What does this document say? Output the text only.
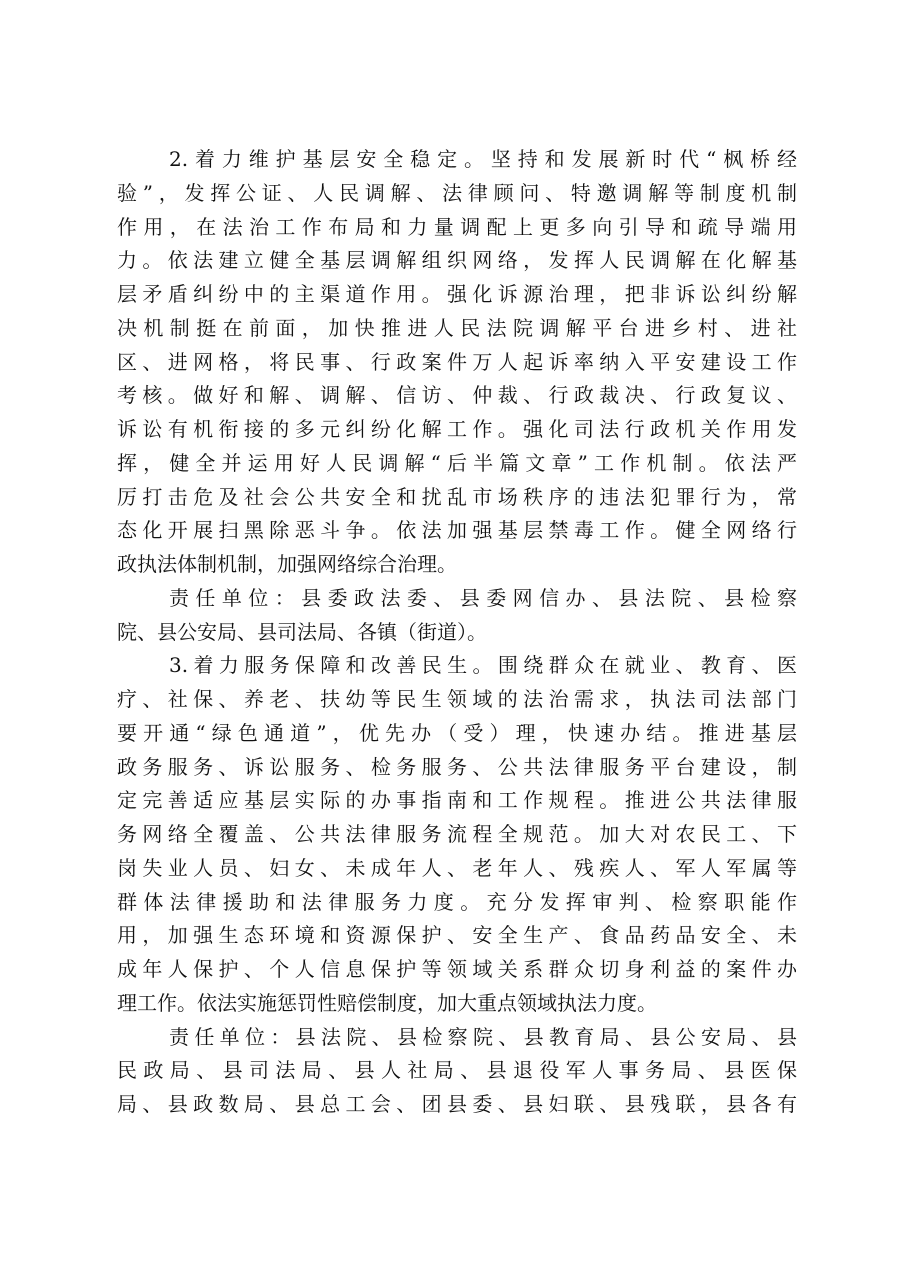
2.着力维护基层安全稳定。坚持和发展新时代“枫桥经
验”，发挥公证、人民调解、法律顾问、特邀调解等制度机制
作用，在法治工作布局和力量调配上更多向引导和疏导端用
力。依法建立健全基层调解组织网络，发挥人民调解在化解基
层矛盾纠纷中的主渠道作用。强化诉源治理，把非诉讼纠纷解
决机制挺在前面，加快推进人民法院调解平台进乡村、进社
区、进网格，将民事、行政案件万人起诉率纳入平安建设工作
考核。做好和解、调解、信访、仲裁、行政裁决、行政复议、
诉讼有机衔接的多元纠纷化解工作。强化司法行政机关作用发
挥，健全并运用好人民调解“后半篇文章”工作机制。依法严
厉打击危及社会公共安全和扰乱市场秩序的违法犯罪行为，常
态化开展扫黑除恶斗争。依法加强基层禁毒工作。健全网络行
政执法体制机制，加强网络综合治理。
责任单位：县委政法委、县委网信办、县法院、县检察
院、县公安局、县司法局、各镇（街道）。
3.着力服务保障和改善民生。围绕群众在就业、教育、医
疗、社保、养老、扶幼等民生领域的法治需求，执法司法部门
要开通“绿色通道”，优先办（受）理，快速办结。推进基层
政务服务、诉讼服务、检务服务、公共法律服务平台建设，制
定完善适应基层实际的办事指南和工作规程。推进公共法律服
务网络全覆盖、公共法律服务流程全规范。加大对农民工、下
岗失业人员、妇女、未成年人、老年人、残疾人、军人军属等
群体法律援助和法律服务力度。充分发挥审判、检察职能作
用，加强生态环境和资源保护、安全生产、食品药品安全、未
成年人保护、个人信息保护等领域关系群众切身利益的案件办
理工作。依法实施惩罚性赔偿制度，加大重点领域执法力度。
责任单位：县法院、县检察院、县教育局、县公安局、县
民政局、县司法局、县人社局、县退役军人事务局、县医保
局、县政数局、县总工会、团县委、县妇联、县残联，县各有
